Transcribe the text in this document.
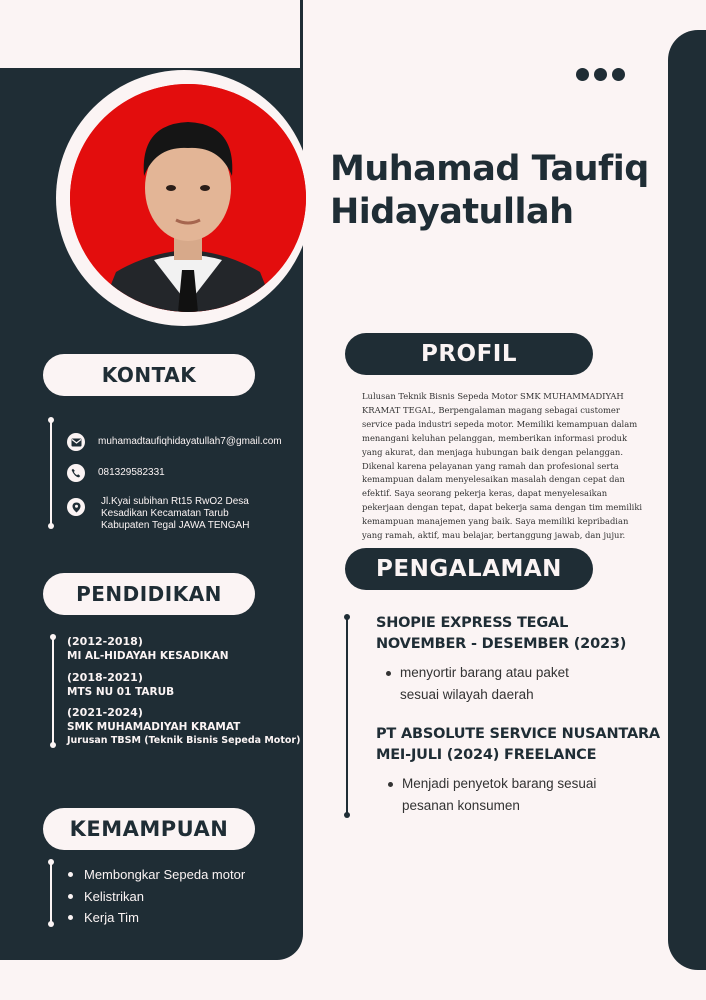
Muhamad Taufiq Hidayatullah
KONTAK
muhamadtaufiqhidayatullah7@gmail.com
081329582331
Jl.Kyai subihan Rt15 RwO2 Desa
Kesadikan Kecamatan Tarub
Kabupaten Tegal JAWA TENGAH
PENDIDIKAN
(2012-2018)
MI AL-HIDAYAH KESADIKAN
(2018-2021)
MTS NU 01 TARUB
(2021-2024)
SMK MUHAMADIYAH KRAMAT
Jurusan TBSM (Teknik Bisnis Sepeda Motor)
KEMAMPUAN
Membongkar Sepeda motor
Kelistrikan
Kerja Tim
PROFIL
Lulusan Teknik Bisnis Sepeda Motor SMK MUHAMMADIYAH KRAMAT TEGAL, Berpengalaman magang sebagai customer service pada industri sepeda motor. Memiliki kemampuan dalam menangani keluhan pelanggan, memberikan informasi produk yang akurat, dan menjaga hubungan baik dengan pelanggan. Dikenal karena pelayanan yang ramah dan profesional serta kemampuan dalam menyelesaikan masalah dengan cepat dan efektif. Saya seorang pekerja keras, dapat menyelesaikan pekerjaan dengan tepat, dapat bekerja sama dengan tim memiliki kemampuan manajemen yang baik. Saya memiliki kepribadian yang ramah, aktif, mau belajar, bertanggung jawab, dan jujur.
PENGALAMAN
SHOPIE EXPRESS TEGAL
NOVEMBER - DESEMBER (2023)
menyortir barang atau paket
sesuai wilayah daerah
PT ABSOLUTE SERVICE NUSANTARA
MEI-JULI (2024) FREELANCE
Menjadi penyetok barang sesuai
pesanan konsumen
